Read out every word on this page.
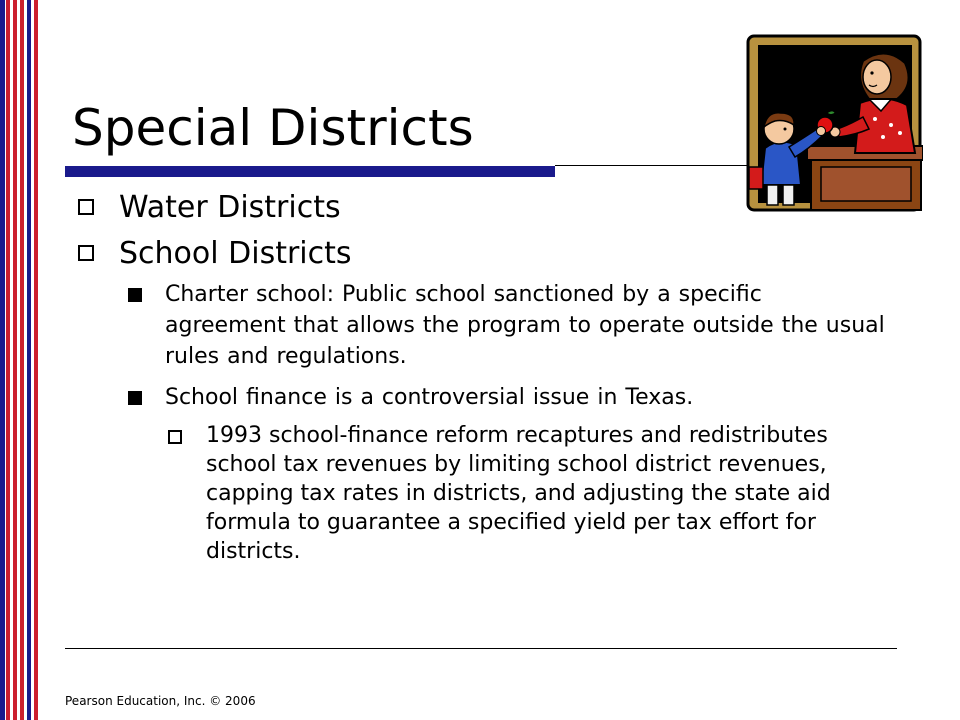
Special Districts
Water Districts
School Districts
Charter school: Public school sanctioned by a specific agreement that allows the program to operate outside the usual rules and regulations.
School finance is a controversial issue in Texas.
1993 school-finance reform recaptures and redistributes school tax revenues by limiting school district revenues, capping tax rates in districts, and adjusting the state aid formula to guarantee a specified yield per tax effort for districts.
Pearson Education, Inc. © 2006
